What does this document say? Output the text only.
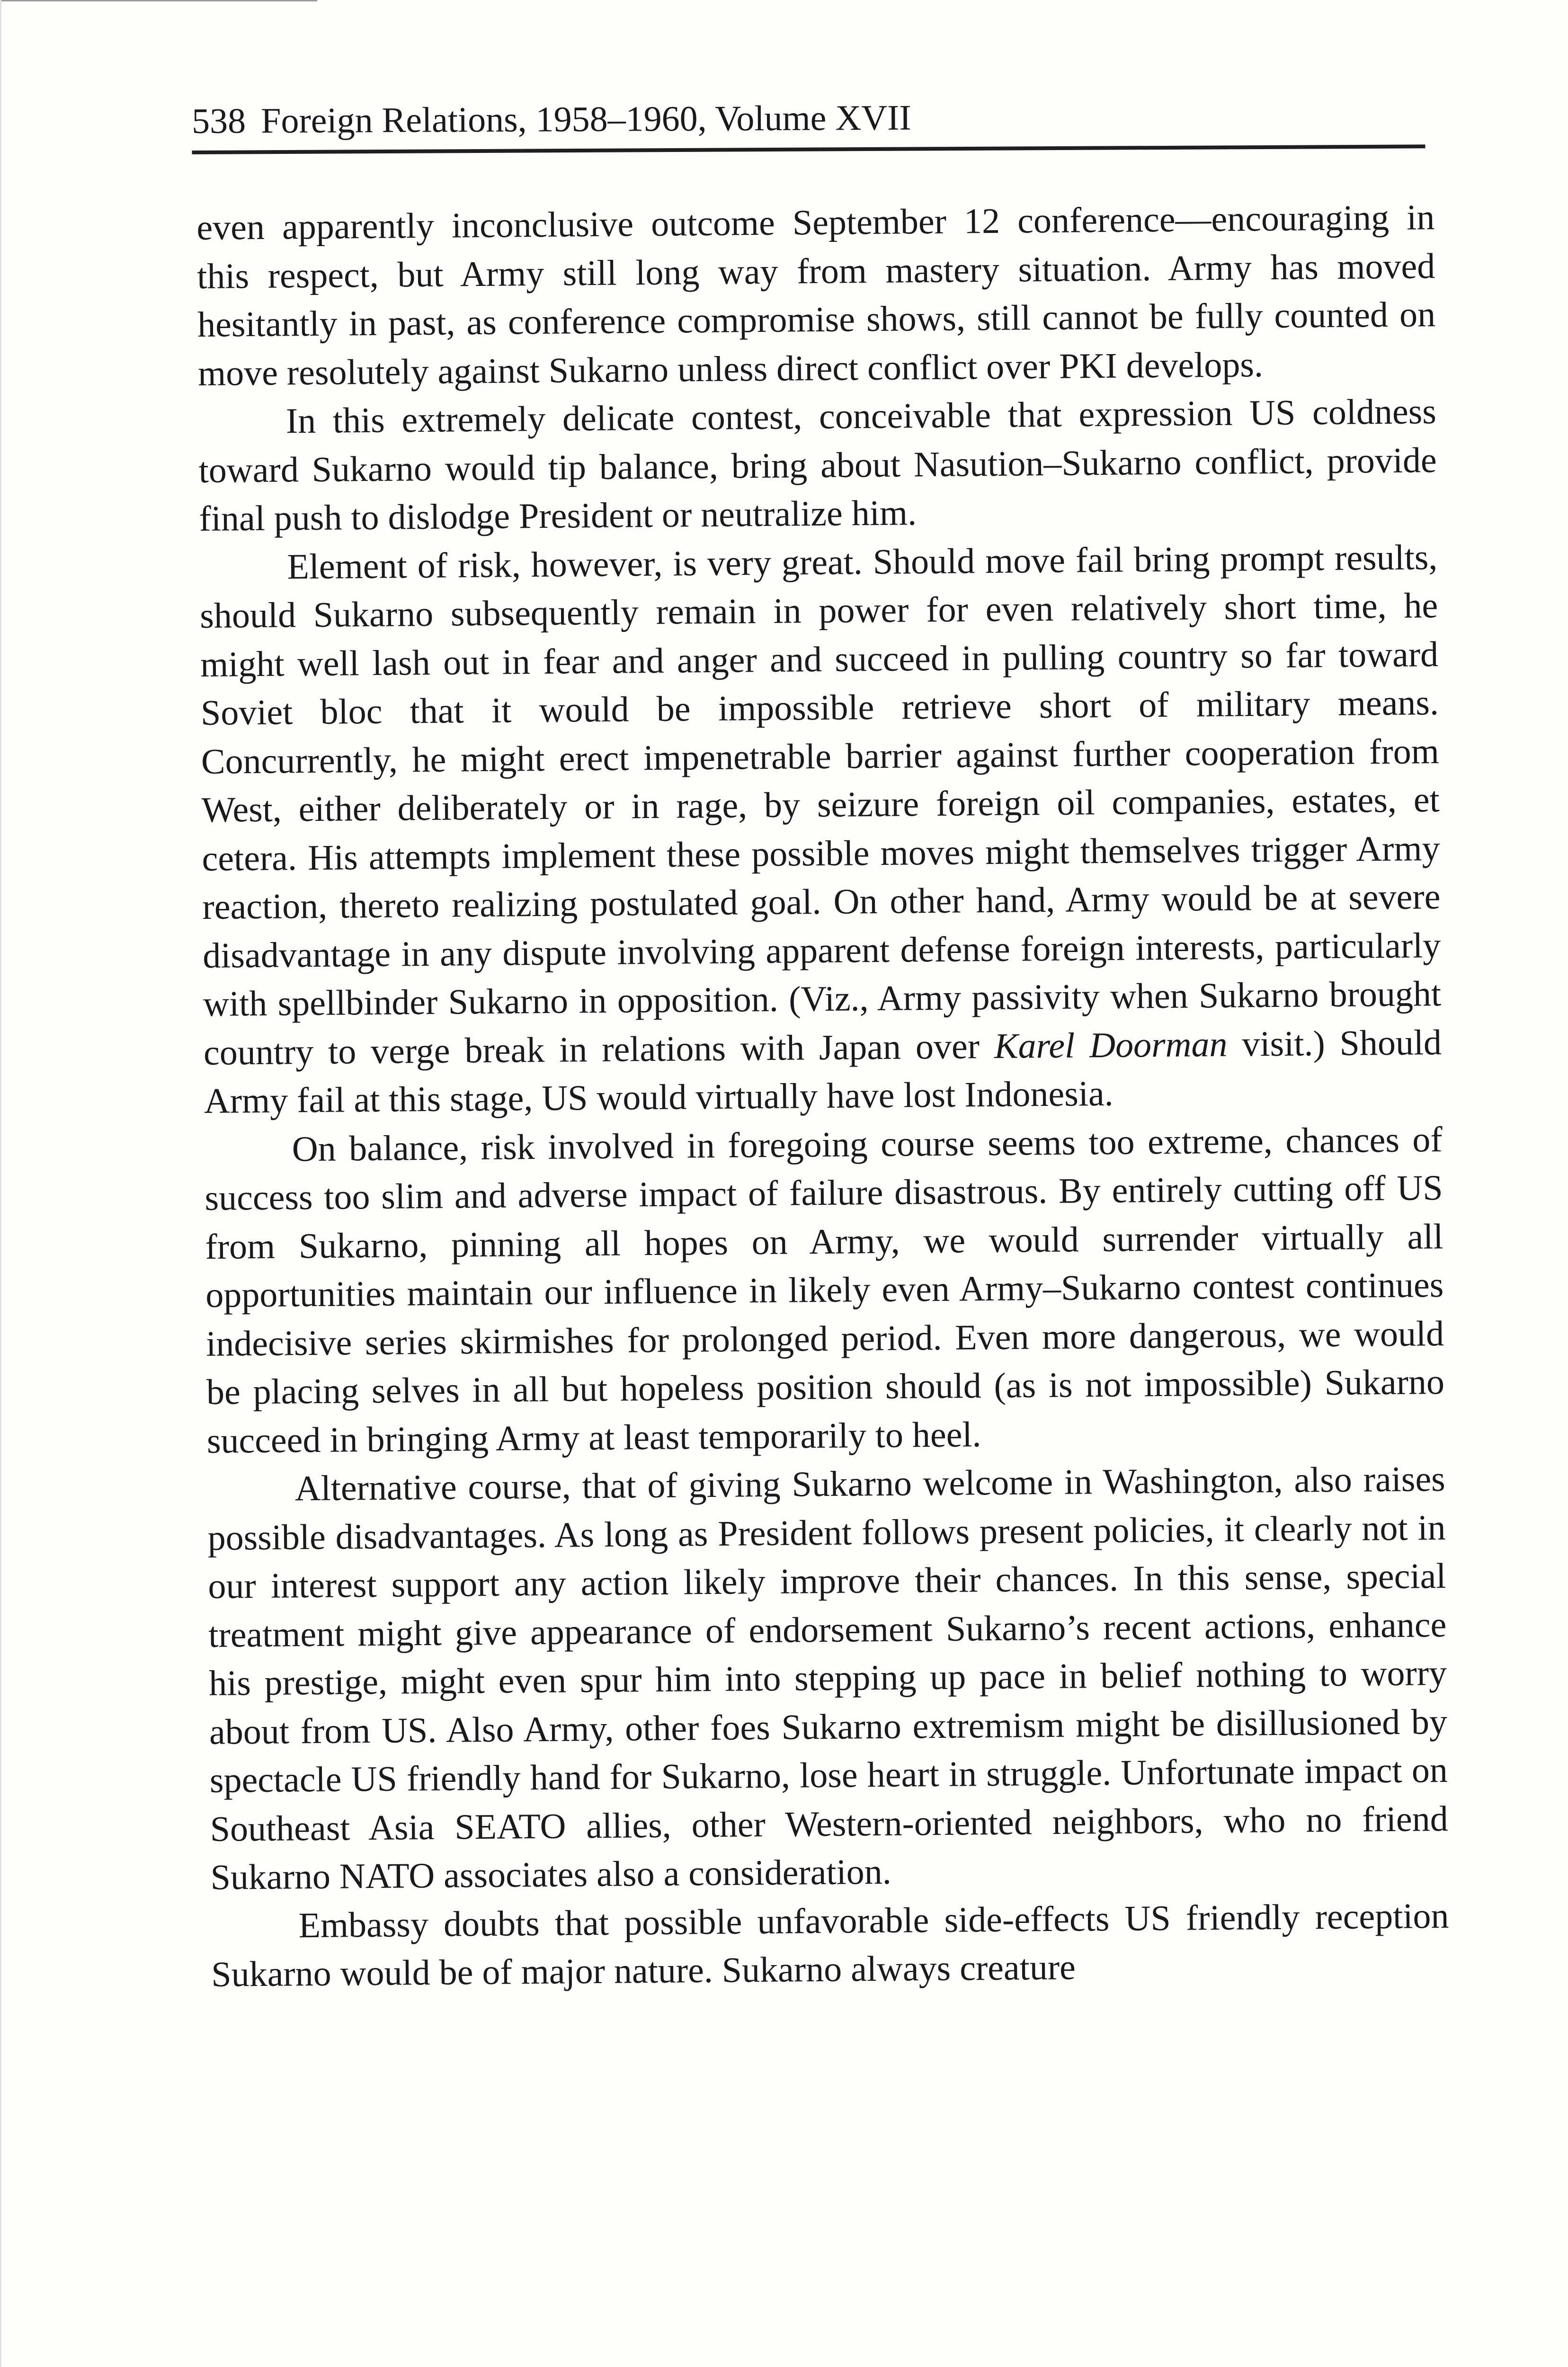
538 Foreign Relations, 1958–1960, Volume XVII

even apparently inconclusive outcome September 12 conference—encouraging in this respect, but Army still long way from mastery situation. Army has moved hesitantly in past, as conference compromise shows, still cannot be fully counted on move resolutely against Sukarno unless direct conflict over PKI develops.

In this extremely delicate contest, conceivable that expression US coldness toward Sukarno would tip balance, bring about Nasution–Sukarno conflict, provide final push to dislodge President or neutralize him.

Element of risk, however, is very great. Should move fail bring prompt results, should Sukarno subsequently remain in power for even relatively short time, he might well lash out in fear and anger and succeed in pulling country so far toward Soviet bloc that it would be impossible retrieve short of military means. Concurrently, he might erect impenetrable barrier against further cooperation from West, either deliberately or in rage, by seizure foreign oil companies, estates, et cetera. His attempts implement these possible moves might themselves trigger Army reaction, thereto realizing postulated goal. On other hand, Army would be at severe disadvantage in any dispute involving apparent defense foreign interests, particularly with spellbinder Sukarno in opposition. (Viz., Army passivity when Sukarno brought country to verge break in relations with Japan over Karel Doorman visit.) Should Army fail at this stage, US would virtually have lost Indonesia.

On balance, risk involved in foregoing course seems too extreme, chances of success too slim and adverse impact of failure disastrous. By entirely cutting off US from Sukarno, pinning all hopes on Army, we would surrender virtually all opportunities maintain our influence in likely even Army–Sukarno contest continues indecisive series skirmishes for prolonged period. Even more dangerous, we would be placing selves in all but hopeless position should (as is not impossible) Sukarno succeed in bringing Army at least temporarily to heel.

Alternative course, that of giving Sukarno welcome in Washington, also raises possible disadvantages. As long as President follows present policies, it clearly not in our interest support any action likely improve their chances. In this sense, special treatment might give appearance of endorsement Sukarno’s recent actions, enhance his prestige, might even spur him into stepping up pace in belief nothing to worry about from US. Also Army, other foes Sukarno extremism might be disillusioned by spectacle US friendly hand for Sukarno, lose heart in struggle. Unfortunate impact on Southeast Asia SEATO allies, other Western-oriented neighbors, who no friend Sukarno NATO associates also a consideration.

Embassy doubts that possible unfavorable side-effects US friendly reception Sukarno would be of major nature. Sukarno always creature
